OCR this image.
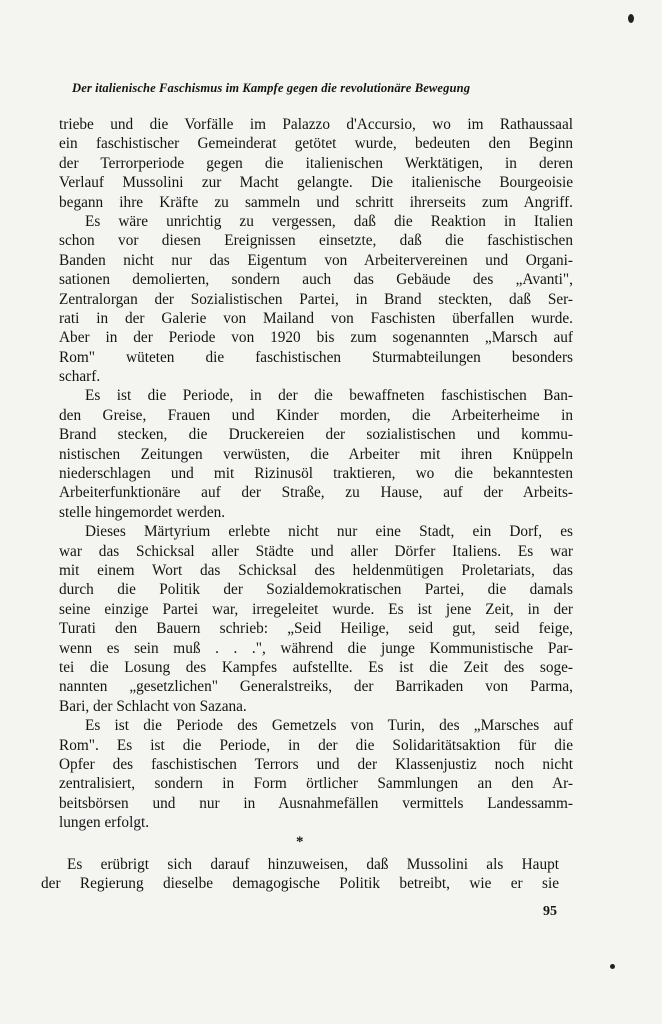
Der italienische Faschismus im Kampfe gegen die revolutionäre Bewegung
triebe und die Vorfälle im Palazzo d'Accursio, wo im Rathaussaal
ein faschistischer Gemeinderat getötet wurde, bedeuten den Beginn
der Terrorperiode gegen die italienischen Werktätigen, in deren
Verlauf Mussolini zur Macht gelangte. Die italienische Bourgeoisie
begann ihre Kräfte zu sammeln und schritt ihrerseits zum Angriff.
Es wäre unrichtig zu vergessen, daß die Reaktion in Italien
schon vor diesen Ereignissen einsetzte, daß die faschistischen
Banden nicht nur das Eigentum von Arbeitervereinen und Organi-
sationen demolierten, sondern auch das Gebäude des „Avanti",
Zentralorgan der Sozialistischen Partei, in Brand steckten, daß Ser-
rati in der Galerie von Mailand von Faschisten überfallen wurde.
Aber in der Periode von 1920 bis zum sogenannten „Marsch auf
Rom" wüteten die faschistischen Sturmabteilungen besonders
scharf.
Es ist die Periode, in der die bewaffneten faschistischen Ban-
den Greise, Frauen und Kinder morden, die Arbeiterheime in
Brand stecken, die Druckereien der sozialistischen und kommu-
nistischen Zeitungen verwüsten, die Arbeiter mit ihren Knüppeln
niederschlagen und mit Rizinusöl traktieren, wo die bekanntesten
Arbeiterfunktionäre auf der Straße, zu Hause, auf der Arbeits-
stelle hingemordet werden.
Dieses Märtyrium erlebte nicht nur eine Stadt, ein Dorf, es
war das Schicksal aller Städte und aller Dörfer Italiens. Es war
mit einem Wort das Schicksal des heldenmütigen Proletariats, das
durch die Politik der Sozialdemokratischen Partei, die damals
seine einzige Partei war, irregeleitet wurde. Es ist jene Zeit, in der
Turati den Bauern schrieb: „Seid Heilige, seid gut, seid feige,
wenn es sein muß . . .", während die junge Kommunistische Par-
tei die Losung des Kampfes aufstellte. Es ist die Zeit des soge-
nannten „gesetzlichen" Generalstreiks, der Barrikaden von Parma,
Bari, der Schlacht von Sazana.
Es ist die Periode des Gemetzels von Turin, des „Marsches auf
Rom". Es ist die Periode, in der die Solidaritätsaktion für die
Opfer des faschistischen Terrors und der Klassenjustiz noch nicht
zentralisiert, sondern in Form örtlicher Sammlungen an den Ar-
beitsbörsen und nur in Ausnahmefällen vermittels Landessamm-
lungen erfolgt.
*
Es erübrigt sich darauf hinzuweisen, daß Mussolini als Haupt
der Regierung dieselbe demagogische Politik betreibt, wie er sie
95
